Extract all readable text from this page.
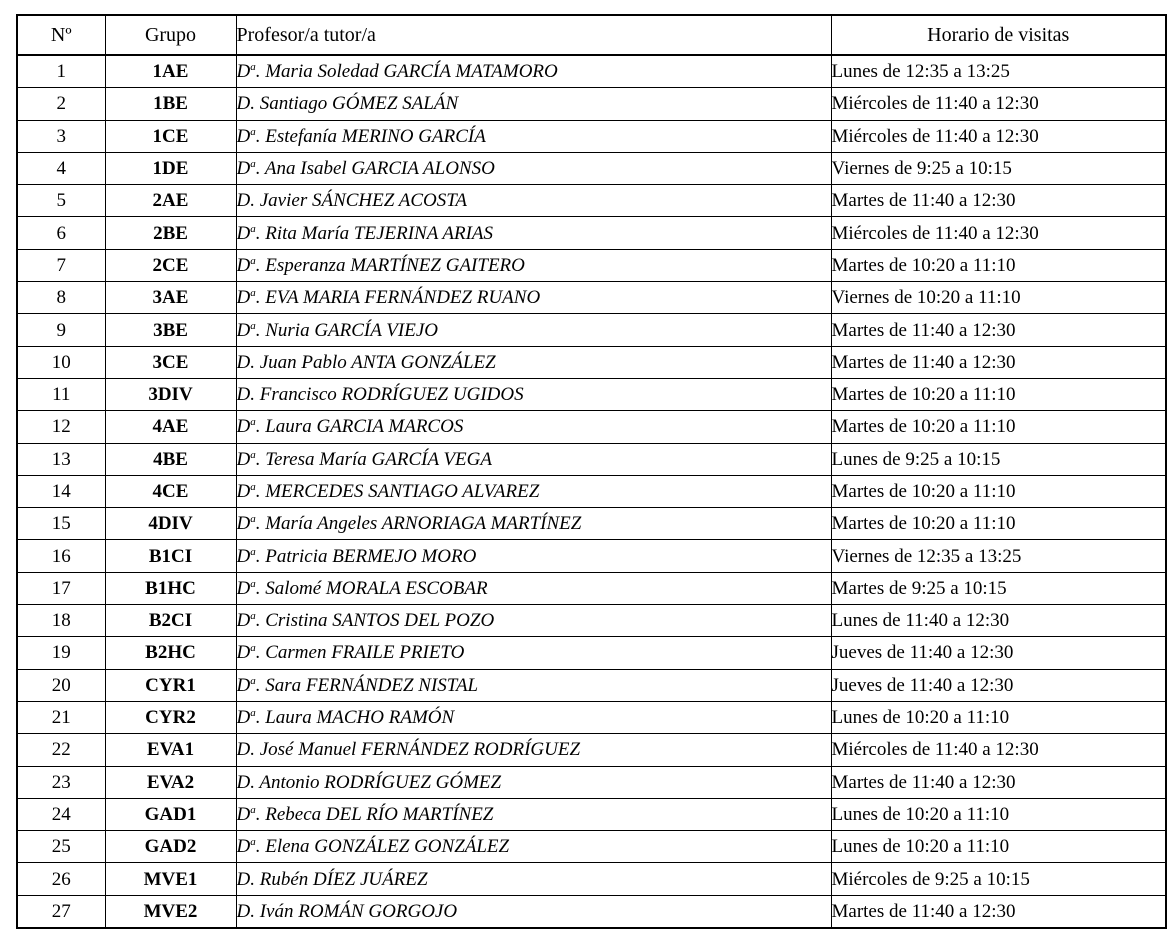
Nº	Grupo	Profesor/a tutor/a	Horario de visitas
1	1AE	$D^a$. Maria Soledad GARCÍA MATAMORO	Lunes de 12:35 a 13:25
2	1BE	D. Santiago GÓMEZ SALÁN	Miércoles de 11:40 a 12:30
3	1CE	$D^a$. Estefanía MERINO GARCÍA	Miércoles de 11:40 a 12:30
4	1DE	$D^a$. Ana Isabel GARCIA ALONSO	Viernes de 9:25 a 10:15
5	2AE	D. Javier SÁNCHEZ ACOSTA	Martes de 11:40 a 12:30
6	2BE	$D^a$. Rita María TEJERINA ARIAS	Miércoles de 11:40 a 12:30
7	2CE	$D^a$. Esperanza MARTÍNEZ GAITERO	Martes de 10:20 a 11:10
8	3AE	$D^a$. EVA MARIA FERNÁNDEZ RUANO	Viernes de 10:20 a 11:10
9	3BE	$D^a$. Nuria GARCÍA VIEJO	Martes de 11:40 a 12:30
10	3CE	D. Juan Pablo ANTA GONZÁLEZ	Martes de 11:40 a 12:30
11	3DIV	D. Francisco RODRÍGUEZ UGIDOS	Martes de 10:20 a 11:10
12	4AE	$D^a$. Laura GARCIA MARCOS	Martes de 10:20 a 11:10
13	4BE	$D^a$. Teresa María GARCÍA VEGA	Lunes de 9:25 a 10:15
14	4CE	$D^a$. MERCEDES SANTIAGO ALVAREZ	Martes de 10:20 a 11:10
15	4DIV	$D^a$. María Angeles ARNORIAGA MARTÍNEZ	Martes de 10:20 a 11:10
16	B1CI	$D^a$. Patricia BERMEJO MORO	Viernes de 12:35 a 13:25
17	B1HC	$D^a$. Salomé MORALA ESCOBAR	Martes de 9:25 a 10:15
18	B2CI	$D^a$. Cristina SANTOS DEL POZO	Lunes de 11:40 a 12:30
19	B2HC	$D^a$. Carmen FRAILE PRIETO	Jueves de 11:40 a 12:30
20	CYR1	$D^a$. Sara FERNÁNDEZ NISTAL	Jueves de 11:40 a 12:30
21	CYR2	$D^a$. Laura MACHO RAMÓN	Lunes de 10:20 a 11:10
22	EVA1	D. José Manuel FERNÁNDEZ RODRÍGUEZ	Miércoles de 11:40 a 12:30
23	EVA2	D. Antonio RODRÍGUEZ GÓMEZ	Martes de 11:40 a 12:30
24	GAD1	$D^a$. Rebeca DEL RÍO MARTÍNEZ	Lunes de 10:20 a 11:10
25	GAD2	$D^a$. Elena GONZÁLEZ GONZÁLEZ	Lunes de 10:20 a 11:10
26	MVE1	D. Rubén DÍEZ JUÁREZ	Miércoles de 9:25 a 10:15
27	MVE2	D. Iván ROMÁN GORGOJO	Martes de 11:40 a 12:30
